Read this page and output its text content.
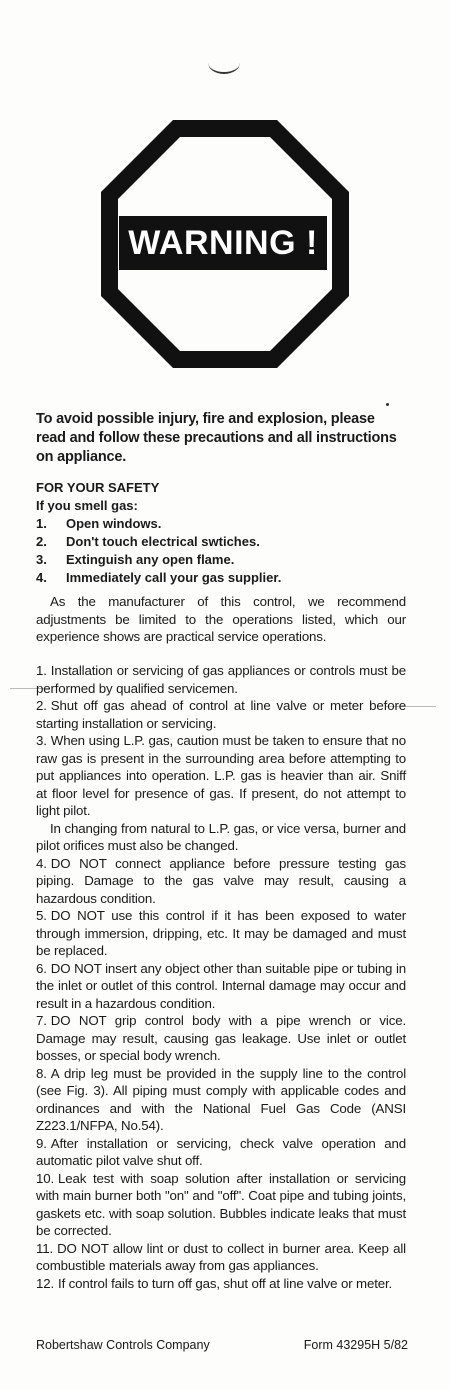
WARNING !
To avoid possible injury, fire and explosion, please read and follow these precautions and all instructions on appliance.
FOR YOUR SAFETY
If you smell gas:
1. Open windows.
2. Don't touch electrical swtiches.
3. Extinguish any open flame.
4. Immediately call your gas supplier.
As the manufacturer of this control, we recommend adjustments be limited to the operations listed, which our experience shows are practical service operations.

1. Installation or servicing of gas appliances or controls must be performed by qualified servicemen.

2. Shut off gas ahead of control at line valve or meter before starting installation or servicing.

3. When using L.P. gas, caution must be taken to ensure that no raw gas is present in the surrounding area before attempting to put appliances into operation. L.P. gas is heavier than air. Sniff at floor level for presence of gas. If present, do not attempt to light pilot.

In changing from natural to L.P. gas, or vice versa, burner and pilot orifices must also be changed.

4. DO NOT connect appliance before pressure testing gas piping. Damage to the gas valve may result, causing a hazardous condition.

5. DO NOT use this control if it has been exposed to water through immersion, dripping, etc. It may be damaged and must be replaced.

6. DO NOT insert any object other than suitable pipe or tubing in the inlet or outlet of this control. Internal damage may occur and result in a hazardous condition.

7. DO NOT grip control body with a pipe wrench or vice. Damage may result, causing gas leakage. Use inlet or outlet bosses, or special body wrench.

8. A drip leg must be provided in the supply line to the control (see Fig. 3). All piping must comply with applicable codes and ordinances and with the National Fuel Gas Code (ANSI Z223.1/NFPA, No.54).

9. After installation or servicing, check valve operation and automatic pilot valve shut off.

10. Leak test with soap solution after installation or servicing with main burner both "on" and "off". Coat pipe and tubing joints, gaskets etc. with soap solution. Bubbles indicate leaks that must be corrected.

11. DO NOT allow lint or dust to collect in burner area. Keep all combustible materials away from gas appliances.

12. If control fails to turn off gas, shut off at line valve or meter.

Robertshaw Controls Company	Form 43295H 5/82
